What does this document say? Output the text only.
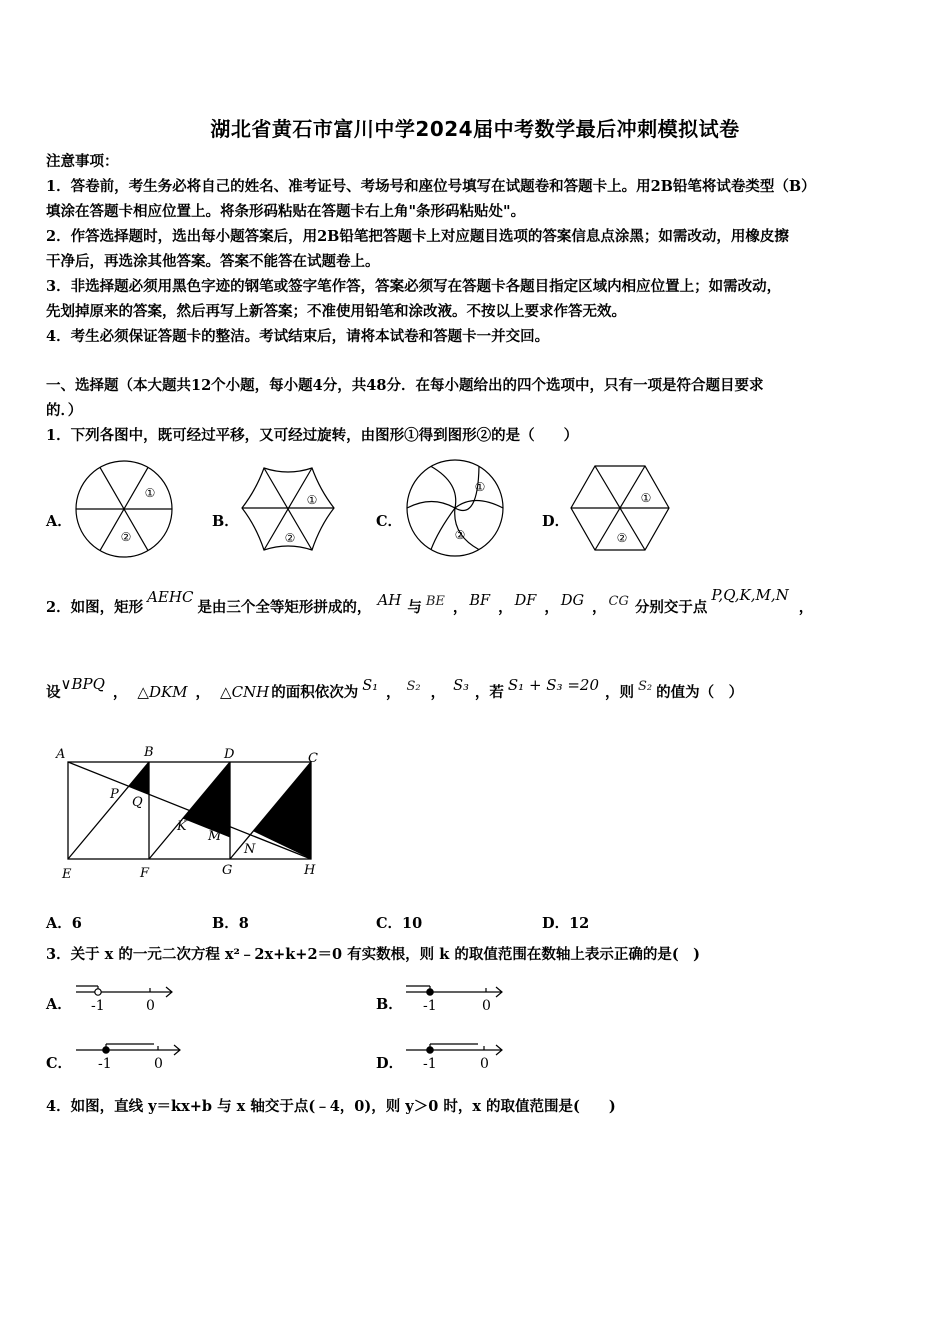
湖北省黄石市富川中学2024届中考数学最后冲刺模拟试卷
注意事项：
1．答卷前，考生务必将自己的姓名、准考证号、考场号和座位号填写在试题卷和答题卡上。用2B铅笔将试卷类型（B）
填涂在答题卡相应位置上。将条形码粘贴在答题卡右上角"条形码粘贴处"。
2．作答选择题时，选出每小题答案后，用2B铅笔把答题卡上对应题目选项的答案信息点涂黑；如需改动，用橡皮擦
干净后，再选涂其他答案。答案不能答在试题卷上。
3．非选择题必须用黑色字迹的钢笔或签字笔作答，答案必须写在答题卡各题目指定区域内相应位置上；如需改动，
先划掉原来的答案，然后再写上新答案；不准使用铅笔和涂改液。不按以上要求作答无效。
4．考生必须保证答题卡的整洁。考试结束后，请将本试卷和答题卡一并交回。
一、选择题（本大题共12个小题，每小题4分，共48分．在每小题给出的四个选项中，只有一项是符合题目要求
的．）
1．下列各图中，既可经过平移，又可经过旋转，由图形①得到图形②的是（　　）
A．
①
②
B．
①
②
C．
①
②
D．
①
②
2．如图，矩形AEHC是由三个全等矩形拼成的， AH 与 BE ， BF ， DF ， DG ， CG 分别交于点P,Q,K,M,N，
设∨BPQ ， △DKM ， △CNH 的面积依次为 S₁ ， S₂ ， S₃ ，若 S₁ + S₃ =20 ，则 S₂ 的值为（　）
A	B	D	C
P
Q
K
M
N
E	F	G	H
A．6	B．8	C．10	D．12
3．关于 x 的一元二次方程 x²﹣2x+k+2＝0 有实数根，则 k 的取值范围在数轴上表示正确的是(　)
A． -1	0	B． -1	0
C． -1	0	D． -1	0
4．如图，直线 y＝kx+b 与 x 轴交于点(﹣4，0)，则 y＞0 时，x 的取值范围是(　　)
